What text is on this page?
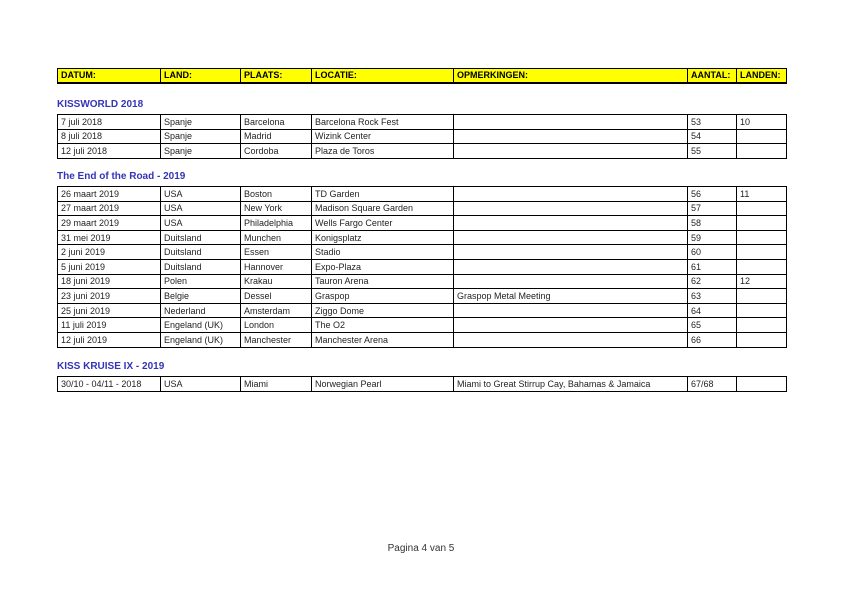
DATUM:	LAND:	PLAATS:	LOCATIE:	OPMERKINGEN:	AANTAL:	LANDEN:
KISSWORLD 2018
7 juli 2018	Spanje	Barcelona	Barcelona Rock Fest		53	10
8 juli 2018	Spanje	Madrid	Wizink Center		54	
12 juli 2018	Spanje	Cordoba	Plaza de Toros		55	
The End of the Road - 2019
26 maart 2019	USA	Boston	TD Garden		56	11
27 maart 2019	USA	New York	Madison Square Garden		57	
29 maart 2019	USA	Philadelphia	Wells Fargo Center		58	
31 mei 2019	Duitsland	Munchen	Konigsplatz		59	
2 juni 2019	Duitsland	Essen	Stadio		60	
5 juni 2019	Duitsland	Hannover	Expo-Plaza		61	
18 juni 2019	Polen	Krakau	Tauron Arena		62	12
23 juni 2019	Belgie	Dessel	Graspop	Graspop Metal Meeting	63	
25 juni 2019	Nederland	Amsterdam	Ziggo Dome		64	
11 juli 2019	Engeland (UK)	London	The O2		65	
12 juli 2019	Engeland (UK)	Manchester	Manchester Arena		66	
KISS KRUISE IX - 2019
30/10 - 04/11 - 2018	USA	Miami	Norwegian Pearl	Miami to Great Stirrup Cay, Bahamas & Jamaica	67/68	
Pagina 4 van 5
